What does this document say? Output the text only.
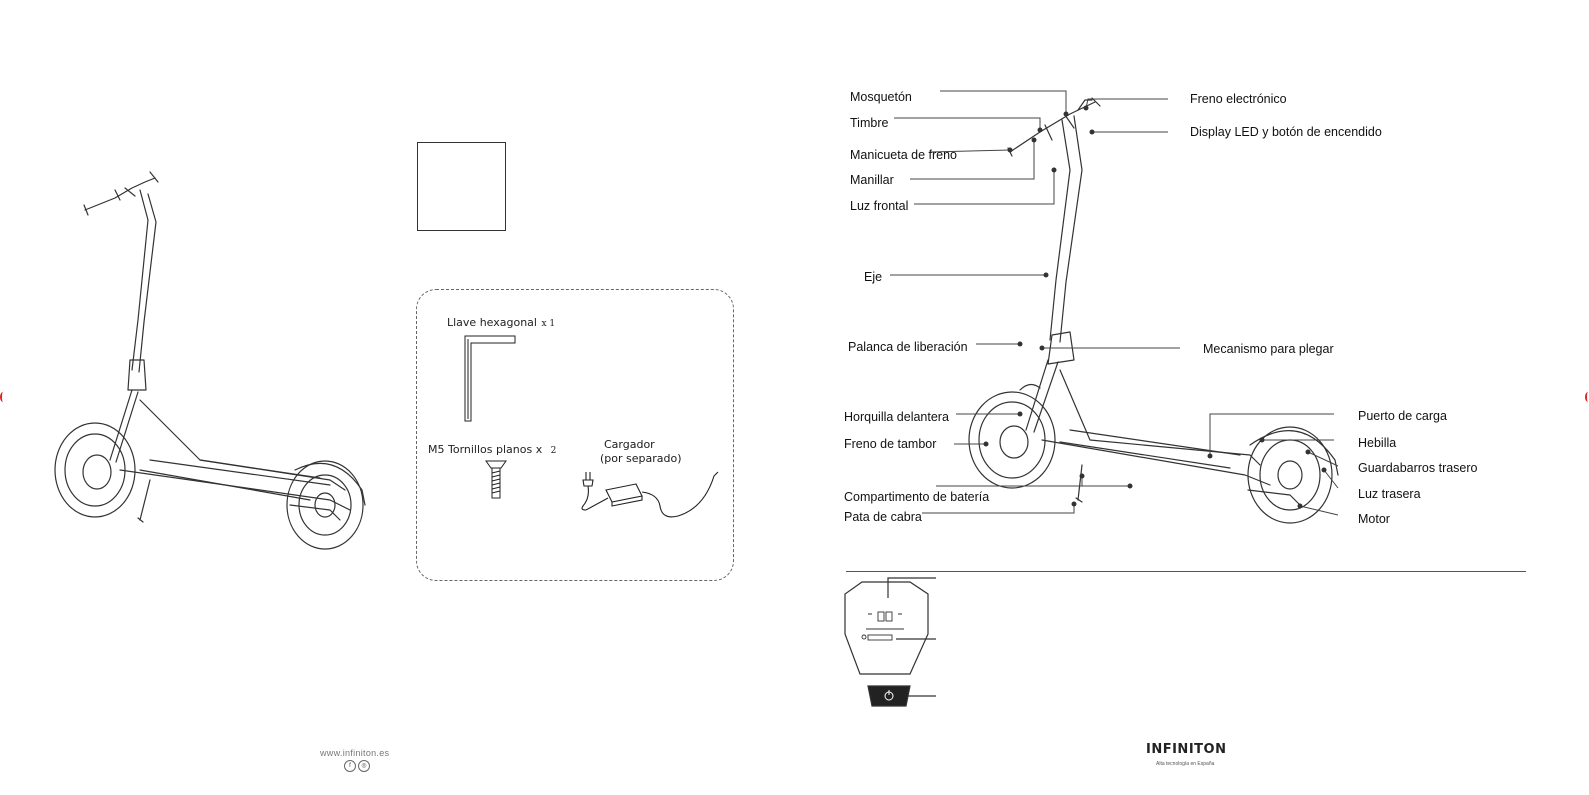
www.infiniton.es
f	◎
Llave hexagonal x 1
M5 Tornillos planos x 2	Cargador
(por separado)
Mosquetón
Timbre
Manicueta de freno
Manillar
Luz frontal
Eje
Palanca de liberación
Horquilla delantera
Freno de tambor
Compartimento de batería
Pata de cabra
Freno electrónico
Display LED y botón de encendido
Mecanismo para plegar
Puerto de carga
Hebilla
Guardabarros trasero
Luz trasera
Motor
INFINITON
Alta tecnología en España
